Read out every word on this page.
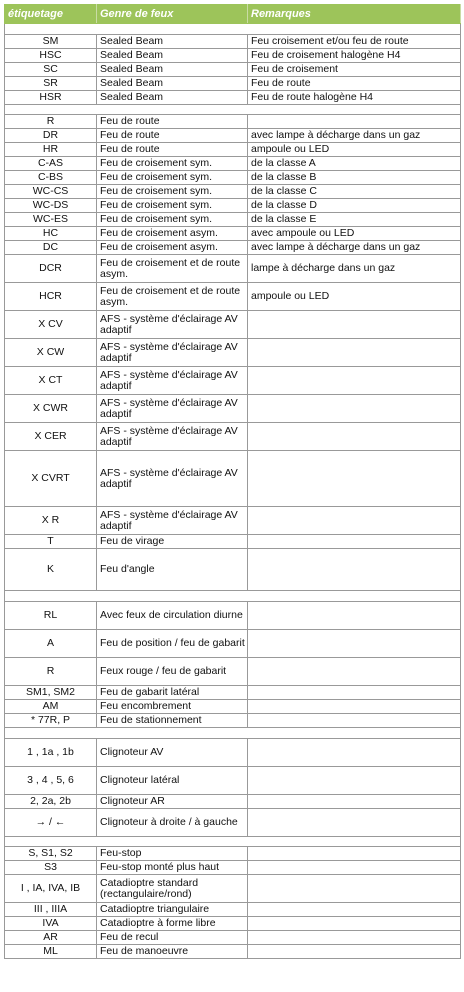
étiquetage	Genre de feux	Remarques

SM	Sealed Beam	Feu croisement et/ou feu de route
HSC	Sealed Beam	Feu de croisement halogène H4
SC	Sealed Beam	Feu de croisement
SR	Sealed Beam	Feu de route
HSR	Sealed Beam	Feu de route halogène H4

R	Feu de route	
DR	Feu de route	avec lampe à décharge dans un gaz
HR	Feu de route	ampoule ou LED
C-AS	Feu de croisement sym.	de la classe A
C-BS	Feu de croisement sym.	de la classe B
WC-CS	Feu de croisement sym.	de la classe C
WC-DS	Feu de croisement sym.	de la classe D
WC-ES	Feu de croisement sym.	de la classe E
HC	Feu de croisement asym.	avec ampoule ou LED
DC	Feu de croisement asym.	avec lampe à décharge dans un gaz
DCR	Feu de croisement et de route asym.	lampe à décharge dans un gaz
HCR	Feu de croisement et de route asym.	ampoule ou LED
X CV	AFS - système d'éclairage AV adaptif	
X CW	AFS - système d'éclairage AV adaptif	
X CT	AFS - système d'éclairage AV adaptif	
X CWR	AFS - système d'éclairage AV adaptif	
X CER	AFS - système d'éclairage AV adaptif	
X CVRT	AFS - système d'éclairage AV adaptif	
X R	AFS - système d'éclairage AV adaptif	
T	Feu de virage	
K	Feu d'angle	

RL	Avec feux de circulation diurne	
A	Feu de position / feu de gabarit	
R	Feux rouge / feu de gabarit	
SM1, SM2	Feu de gabarit latéral	
AM	Feu encombrement	
* 77R, P	Feu de stationnement	

1 , 1a , 1b	Clignoteur AV	
3 , 4 , 5, 6	Clignoteur latéral	
2, 2a, 2b	Clignoteur AR	
→ / ←	Clignoteur à droite / à gauche	

S, S1, S2	Feu-stop	
S3	Feu-stop monté plus haut	
I , IA, IVA, IB	Catadioptre standard (rectangulaire/rond)	
III , IIIA	Catadioptre triangulaire	
IVA	Catadioptre à forme libre	
AR	Feu de recul	
ML	Feu de manoeuvre	
